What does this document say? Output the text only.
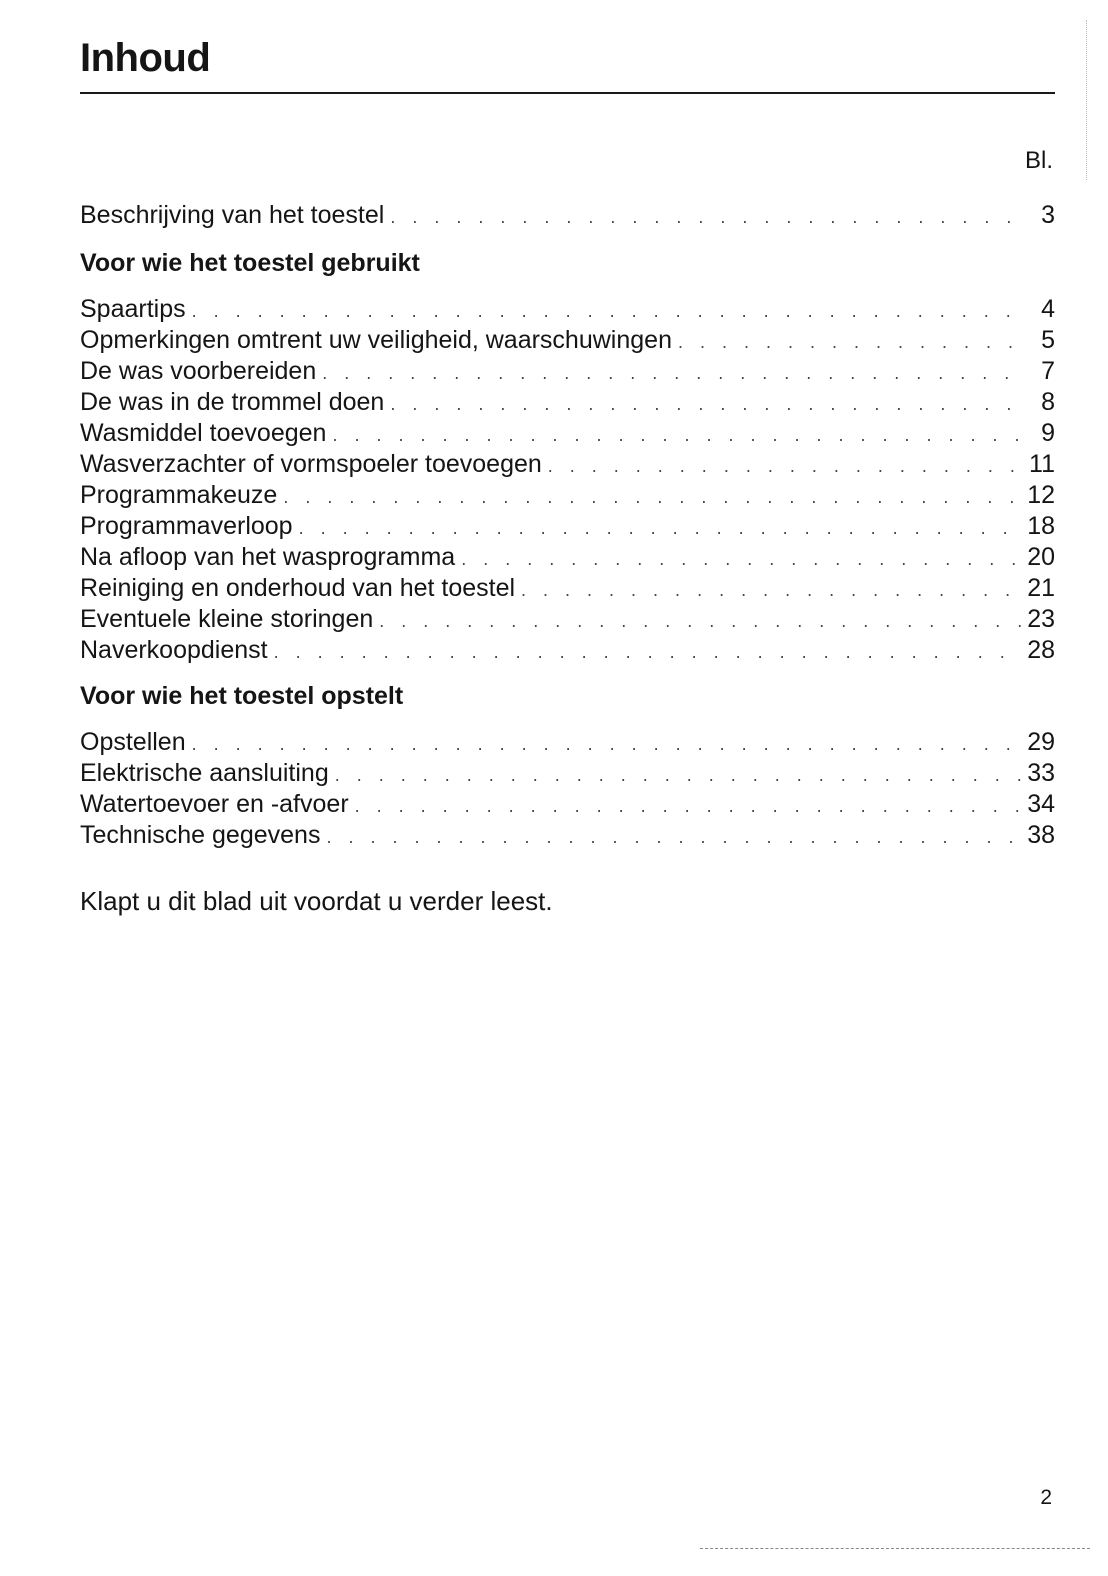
Inhoud
Bl.
Beschrijving van het toestel . . .	3
Voor wie het toestel gebruikt
Spaartips . . .	4
Opmerkingen omtrent uw veiligheid, waarschuwingen . . .	5
De was voorbereiden . . .	7
De was in de trommel doen . . .	8
Wasmiddel toevoegen . . .	9
Wasverzachter of vormspoeler toevoegen . . .	11
Programmakeuze . . .	12
Programmaverloop . . .	18
Na afloop van het wasprogramma . . .	20
Reiniging en onderhoud van het toestel . . .	21
Eventuele kleine storingen . . .	23
Naverkoopdienst . . .	28
Voor wie het toestel opstelt
Opstellen . . .	29
Elektrische aansluiting . . .	33
Watertoevoer en -afvoer . . .	34
Technische gegevens . . .	38
Klapt u dit blad uit voordat u verder leest.
2
